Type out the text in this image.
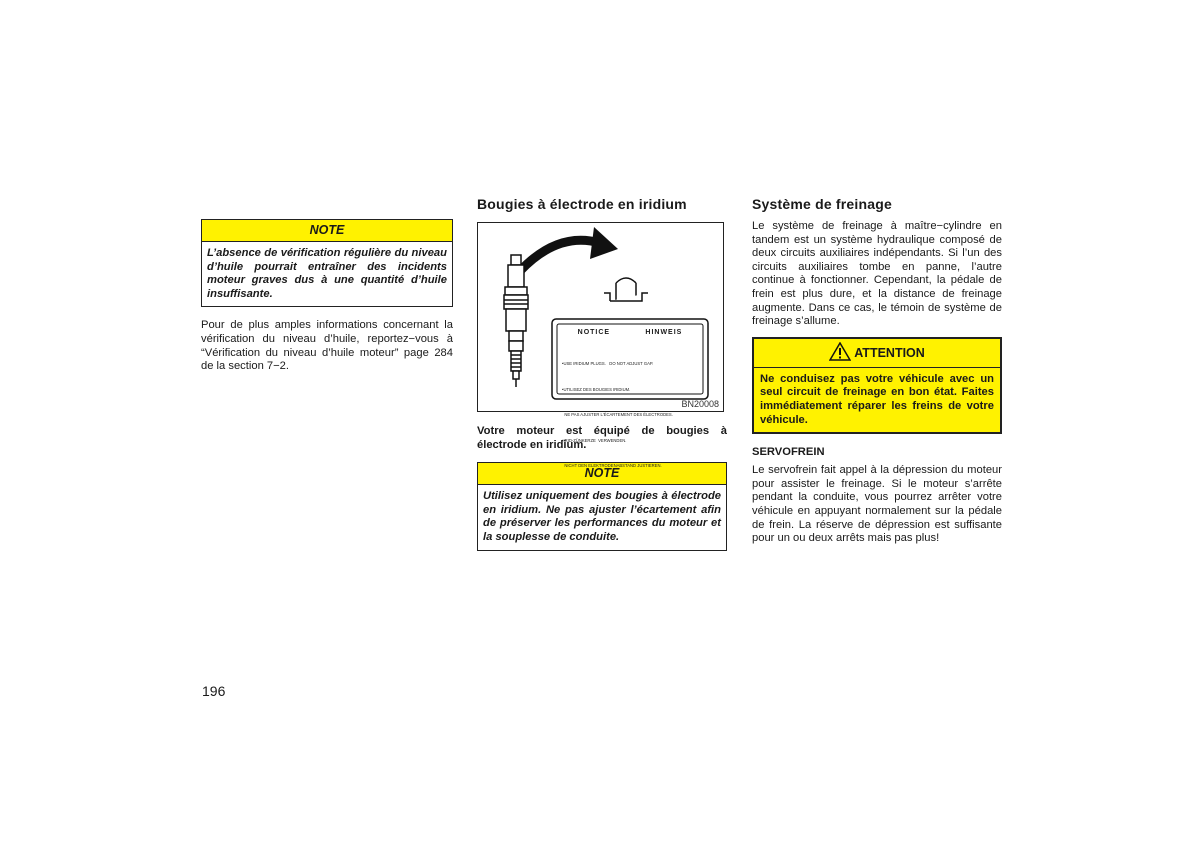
NOTE
L’absence de vérification régulière du niveau d’huile pourrait entraîner des incidents moteur graves dus à une quantité d’huile insuffisante.

Pour de plus amples informations concernant la vérification du niveau d’huile, reportez−vous à “Vérification du niveau d’huile moteur” page 284 de la section 7−2.

Bougies à électrode en iridium

NOTICE	HINWEIS

•USE IRIDIUM PLUGS.   DO NOT ADJUST GAP.

•UTILISEZ DES BOUGIES IRIDIUM.

NE PAS AJUSTER L'ÉCARTEMENT DES ÉLECTRODES.

•IRID-ZÜNKERZE  VERWENDEN.

NICHT DEN ELEKTRODENABSTAND JUSTIEREN.

BN20008

Votre moteur est équipé de bougies à électrode en iridium.

NOTE
Utilisez uniquement des bougies à électrode en iridium. Ne pas ajuster l’écartement afin de préserver les performances du moteur et la souplesse de conduite.

Système de freinage

Le système de freinage à maître−cylindre en tandem est un système hydraulique composé de deux circuits auxiliaires indépendants. Si l’un des circuits auxiliaires tombe en panne, l’autre continue à fonctionner. Cependant, la pédale de frein est plus dure, et la distance de freinage augmente. Dans ce cas, le témoin de système de freinage s’allume.

ATTENTION
Ne conduisez pas votre véhicule avec un seul circuit de freinage en bon état. Faites immédiatement réparer les freins de votre véhicule.

SERVOFREIN

Le servofrein fait appel à la dépression du moteur pour assister le freinage. Si le moteur s’arrête pendant la conduite, vous pourrez arrêter votre véhicule en appuyant normalement sur la pédale de frein. La réserve de dépression est suffisante pour un ou deux arrêts mais pas plus!

196
